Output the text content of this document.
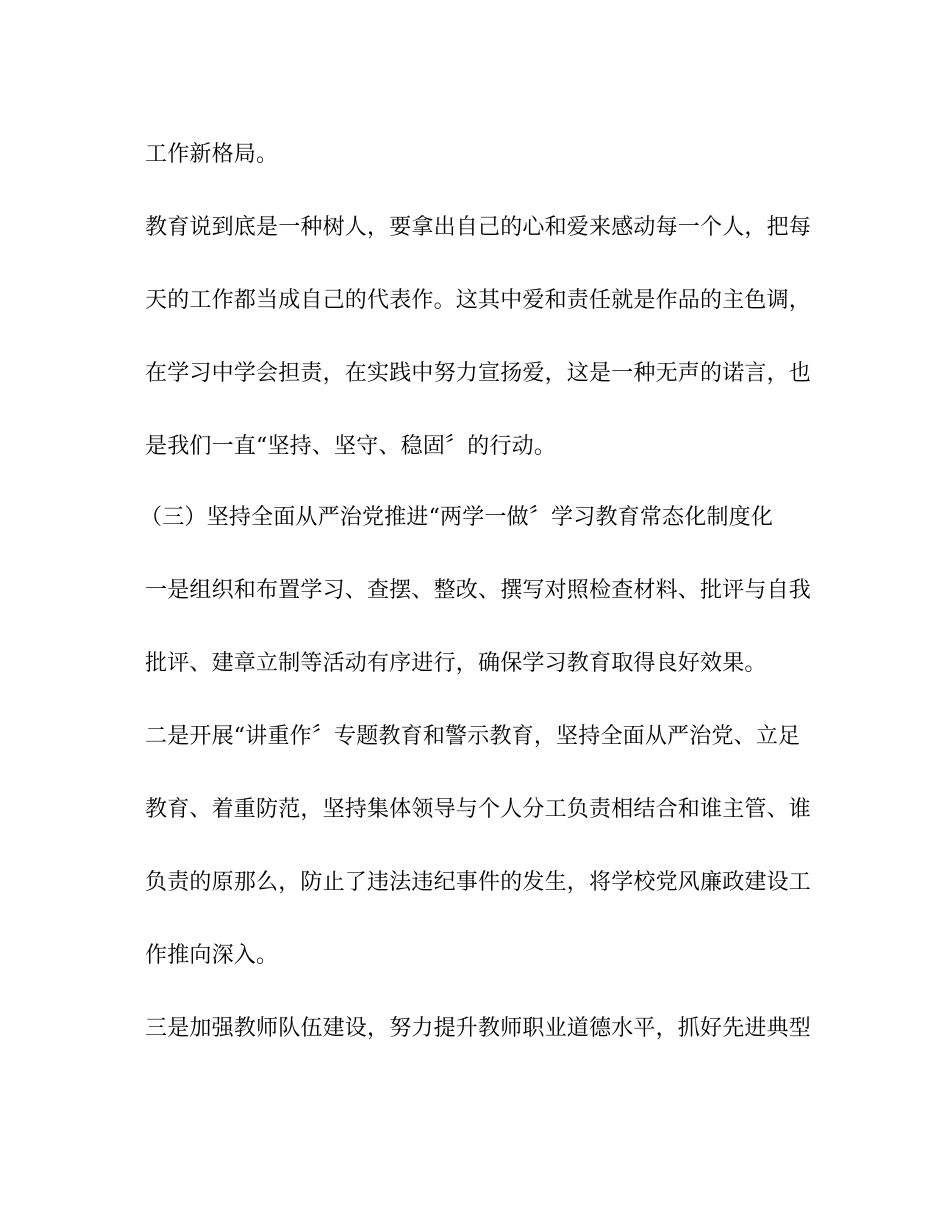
工作新格局。
教育说到底是一种树人，要拿出自己的心和爱来感动每一个人，把每
天的工作都当成自己的代表作。这其中爱和责任就是作品的主色调，
在学习中学会担责，在实践中努力宣扬爱，这是一种无声的诺言，也
是我们一直“坚持、坚守、稳固〞的行动。
（三）坚持全面从严治党推进“两学一做〞学习教育常态化制度化
一是组织和布置学习、查摆、整改、撰写对照检查材料、批评与自我
批评、建章立制等活动有序进行，确保学习教育取得良好效果。
二是开展“讲重作〞专题教育和警示教育，坚持全面从严治党、立足
教育、着重防范，坚持集体领导与个人分工负责相结合和谁主管、谁
负责的原那么，防止了违法违纪事件的发生，将学校党风廉政建设工
作推向深入。
三是加强教师队伍建设，努力提升教师职业道德水平，抓好先进典型
